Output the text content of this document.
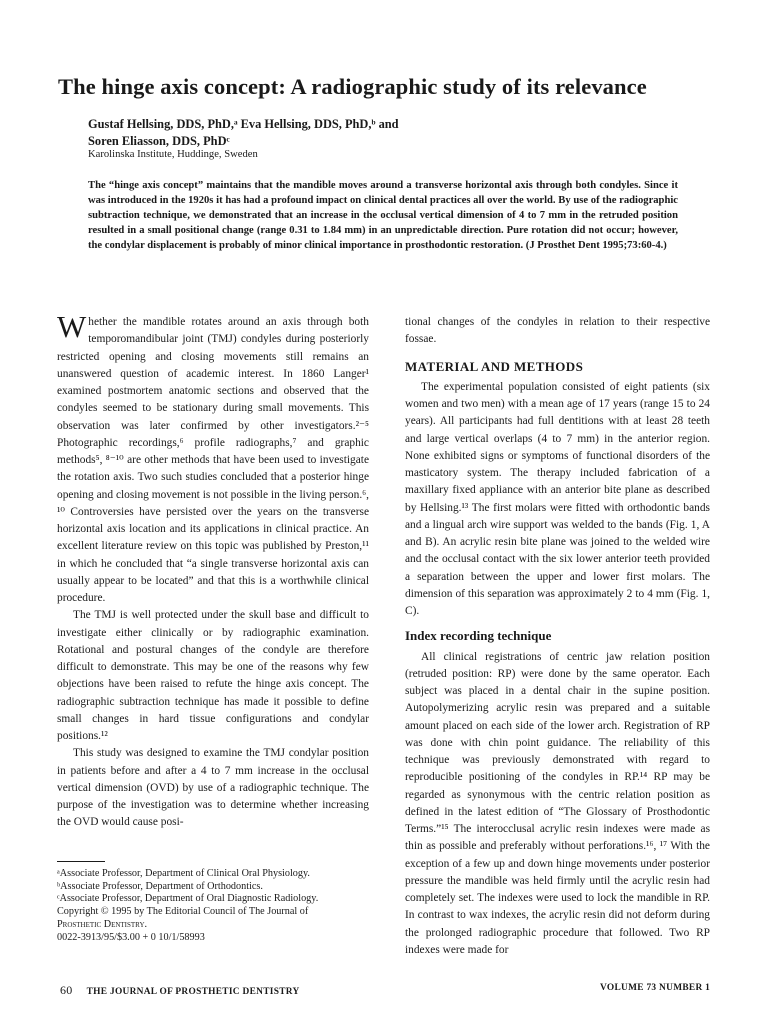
The hinge axis concept: A radiographic study of its relevance
Gustaf Hellsing, DDS, PhD,ᵃ Eva Hellsing, DDS, PhD,ᵇ and
Soren Eliasson, DDS, PhDᶜ
Karolinska Institute, Huddinge, Sweden

The “hinge axis concept” maintains that the mandible moves around a transverse horizontal axis through both condyles. Since it was introduced in the 1920s it has had a profound impact on clinical dental practices all over the world. By use of the radiographic subtraction technique, we demonstrated that an increase in the occlusal vertical dimension of 4 to 7 mm in the retruded position resulted in a small positional change (range 0.31 to 1.84 mm) in an unpredictable direction. Pure rotation did not occur; however, the condylar displacement is probably of minor clinical importance in prosthodontic restoration. (J Prosthet Dent 1995;73:60-4.)

Whether the mandible rotates around an axis through both temporomandibular joint (TMJ) condyles during posteriorly restricted opening and closing movements still remains an unanswered question of academic interest. In 1860 Langer¹ examined postmortem anatomic sections and observed that the condyles seemed to be stationary during small movements. This observation was later confirmed by other investigators.²⁻⁵ Photographic recordings,⁶ profile radiographs,⁷ and graphic methods⁵, ⁸⁻¹⁰ are other methods that have been used to investigate the rotation axis. Two such studies concluded that a posterior hinge opening and closing movement is not possible in the living person.⁶, ¹⁰ Controversies have persisted over the years on the transverse horizontal axis location and its applications in clinical practice. An excellent literature review on this topic was published by Preston,¹¹ in which he concluded that “a single transverse horizontal axis can usually appear to be located” and that this is a worthwhile clinical procedure.

The TMJ is well protected under the skull base and difficult to investigate either clinically or by radiographic examination. Rotational and postural changes of the condyle are therefore difficult to demonstrate. This may be one of the reasons why few objections have been raised to refute the hinge axis concept. The radiographic subtraction technique has made it possible to define small changes in hard tissue configurations and condylar positions.¹²

This study was designed to examine the TMJ condylar position in patients before and after a 4 to 7 mm increase in the occlusal vertical dimension (OVD) by use of a radiographic technique. The purpose of the investigation was to determine whether increasing the OVD would cause posi-

tional changes of the condyles in relation to their respective fossae.

MATERIAL AND METHODS

The experimental population consisted of eight patients (six women and two men) with a mean age of 17 years (range 15 to 24 years). All participants had full dentitions with at least 28 teeth and large vertical overlaps (4 to 7 mm) in the anterior region. None exhibited signs or symptoms of functional disorders of the masticatory system. The therapy included fabrication of a maxillary fixed appliance with an anterior bite plane as described by Hellsing.¹³ The first molars were fitted with orthodontic bands and a lingual arch wire support was welded to the bands (Fig. 1, A and B). An acrylic resin bite plane was joined to the welded wire and the occlusal contact with the six lower anterior teeth provided a separation between the upper and lower first molars. The dimension of this separation was approximately 2 to 4 mm (Fig. 1, C).

Index recording technique

All clinical registrations of centric jaw relation position (retruded position: RP) were done by the same operator. Each subject was placed in a dental chair in the supine position. Autopolymerizing acrylic resin was prepared and a suitable amount placed on each side of the lower arch. Registration of RP was done with chin point guidance. The reliability of this technique was previously demonstrated with regard to reproducible positioning of the condyles in RP.¹⁴ RP may be regarded as synonymous with the centric relation position as defined in the latest edition of “The Glossary of Prosthodontic Terms.”¹⁵ The interocclusal acrylic resin indexes were made as thin as possible and preferably without perforations.¹⁶, ¹⁷ With the exception of a few up and down hinge movements under posterior pressure the mandible was held firmly until the acrylic resin had completely set. The indexes were used to lock the mandible in RP. In contrast to wax indexes, the acrylic resin did not deform during the prolonged radiographic procedure that followed. Two RP indexes were made for

ᵃAssociate Professor, Department of Clinical Oral Physiology.
ᵇAssociate Professor, Department of Orthodontics.
ᶜAssociate Professor, Department of Oral Diagnostic Radiology.
Copyright © 1995 by The Editorial Council of The Journal of
Prosthetic Dentistry.
0022-3913/95/$3.00 + 0 10/1/58993
60 THE JOURNAL OF PROSTHETIC DENTISTRY	VOLUME 73 NUMBER 1
